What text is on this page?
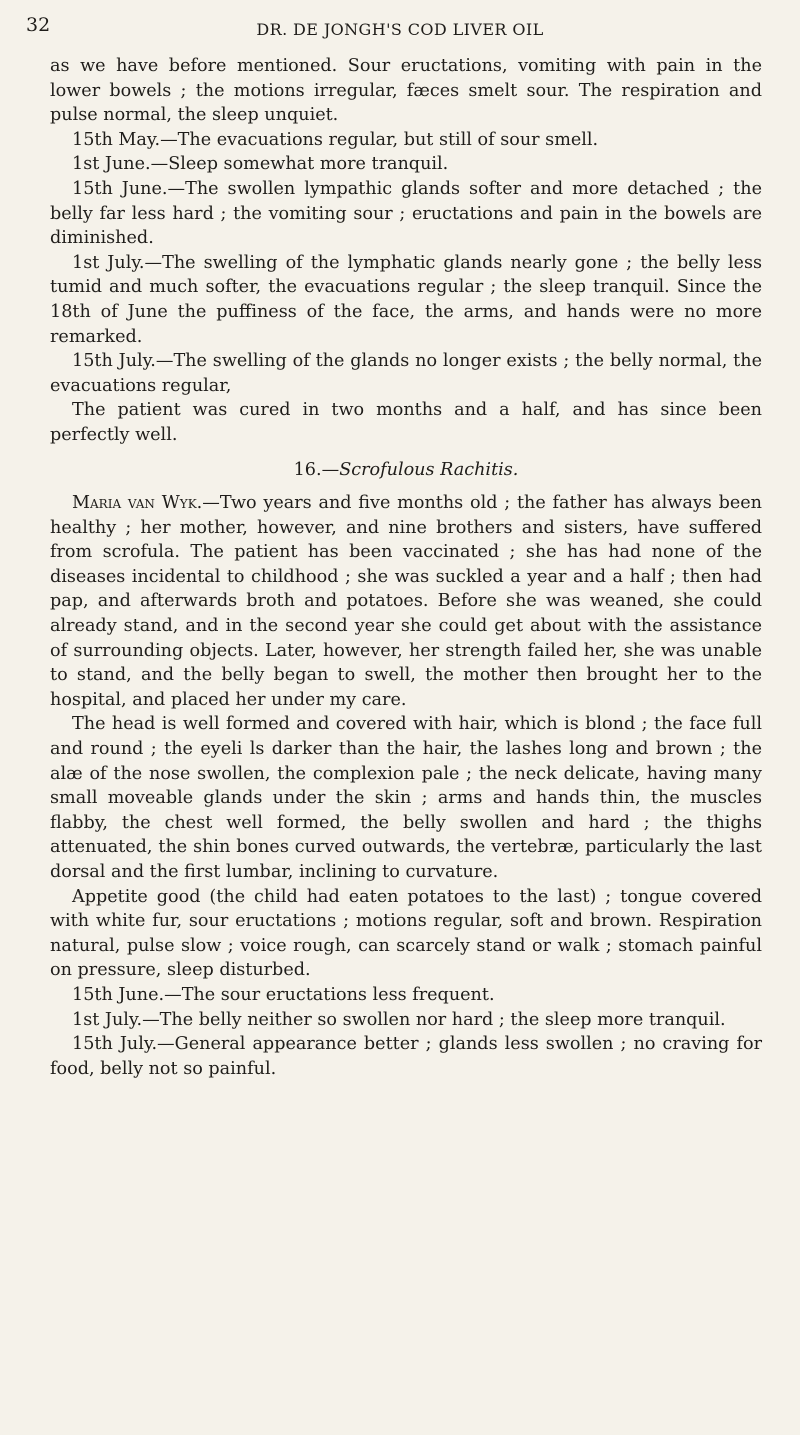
32	DR. DE JONGH'S COD LIVER OIL

as we have before mentioned. Sour eructations, vomiting with pain in the lower bowels ; the motions irregular, fæces smelt sour. The respiration and pulse normal, the sleep unquiet.

15th May.—The evacuations regular, but still of sour smell.

1st June.—Sleep somewhat more tranquil.

15th June.—The swollen lympathic glands softer and more detached ; the belly far less hard ; the vomiting sour ; eructations and pain in the bowels are diminished.

1st July.—The swelling of the lymphatic glands nearly gone ; the belly less tumid and much softer, the evacuations regular ; the sleep tranquil. Since the 18th of June the puffiness of the face, the arms, and hands were no more remarked.

15th July.—The swelling of the glands no longer exists ; the belly normal, the evacuations regular,

The patient was cured in two months and a half, and has since been perfectly well.

16.—Scrofulous Rachitis.

Maria van Wyk.—Two years and five months old ; the father has always been healthy ; her mother, however, and nine brothers and sisters, have suffered from scrofula. The patient has been vaccinated ; she has had none of the diseases incidental to childhood ; she was suckled a year and a half ; then had pap, and afterwards broth and potatoes. Before she was weaned, she could already stand, and in the second year she could get about with the assistance of surrounding objects. Later, however, her strength failed her, she was unable to stand, and the belly began to swell, the mother then brought her to the hospital, and placed her under my care.

The head is well formed and covered with hair, which is blond ; the face full and round ; the eyeli ls darker than the hair, the lashes long and brown ; the alæ of the nose swollen, the complexion pale ; the neck delicate, having many small moveable glands under the skin ; arms and hands thin, the muscles flabby, the chest well formed, the belly swollen and hard ; the thighs attenuated, the shin bones curved outwards, the vertebræ, particularly the last dorsal and the first lumbar, inclining to curvature.

Appetite good (the child had eaten potatoes to the last) ; tongue covered with white fur, sour eructations ; motions regular, soft and brown. Respiration natural, pulse slow ; voice rough, can scarcely stand or walk ; stomach painful on pressure, sleep disturbed.

15th June.—The sour eructations less frequent.

1st July.—The belly neither so swollen nor hard ; the sleep more tranquil.

15th July.—General appearance better ; glands less swollen ; no craving for food, belly not so painful.
